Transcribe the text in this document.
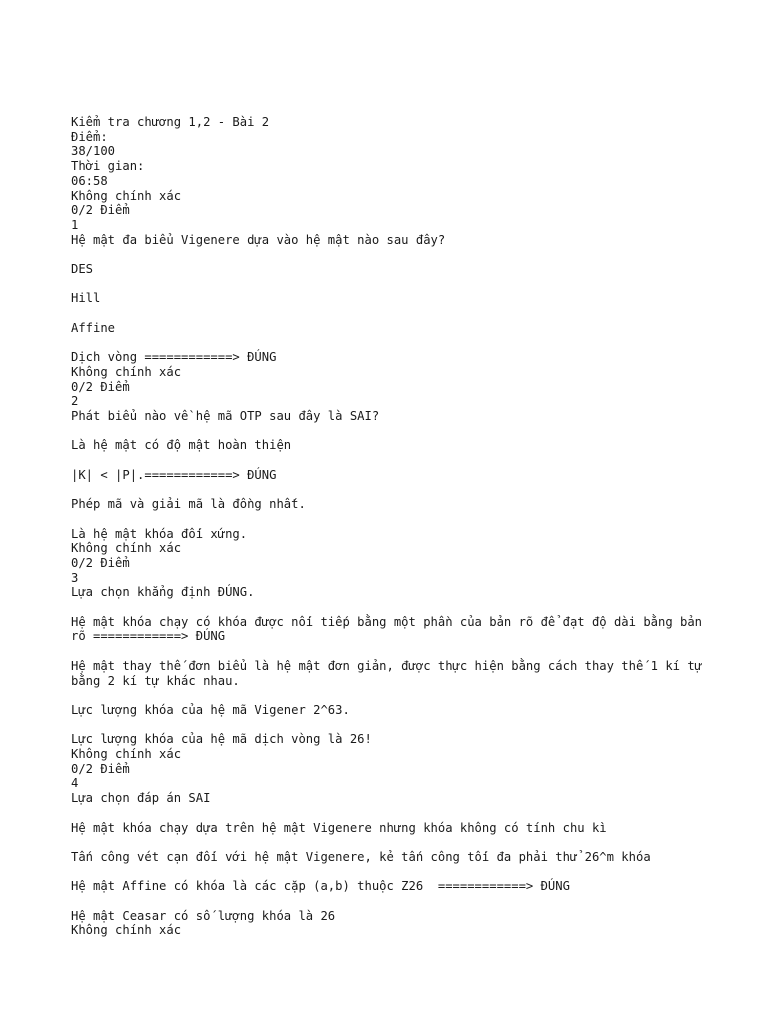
Kiểm tra chương 1,2 - Bài 2
Điểm:
38/100
Thời gian:
06:58
Không chính xác
0/2 Điểm
1
Hệ mật đa biểu Vigenere dựa vào hệ mật nào sau đây?
DES
Hill
Affine
Dịch vòng ============> ĐÚNG
Không chính xác
0/2 Điểm
2
Phát biểu nào về hệ mã OTP sau đây là SAI?
Là hệ mật có độ mật hoàn thiện
|K| < |P|.============> ĐÚNG
Phép mã và giải mã là đồng nhất.
Là hệ mật khóa đối xứng.
Không chính xác
0/2 Điểm
3
Lựa chọn khẳng định ĐÚNG.
Hệ mật khóa chạy có khóa được nối tiếp bằng một phần của bản rõ để đạt độ dài bằng bản rõ ============> ĐÚNG
Hệ mật thay thế đơn biểu là hệ mật đơn giản, được thực hiện bằng cách thay thế 1 kí tự bằng 2 kí tự khác nhau.
Lực lượng khóa của hệ mã Vigener 2^63.
Lực lượng khóa của hệ mã dịch vòng là 26!
Không chính xác
0/2 Điểm
4
Lựa chọn đáp án SAI
Hệ mật khóa chạy dựa trên hệ mật Vigenere nhưng khóa không có tính chu kì
Tấn công vét cạn đối với hệ mật Vigenere, kẻ tấn công tối đa phải thử 26^m khóa
Hệ mật Affine có khóa là các cặp (a,b) thuộc Z26  ============> ĐÚNG
Hệ mật Ceasar có số lượng khóa là 26
Không chính xác
